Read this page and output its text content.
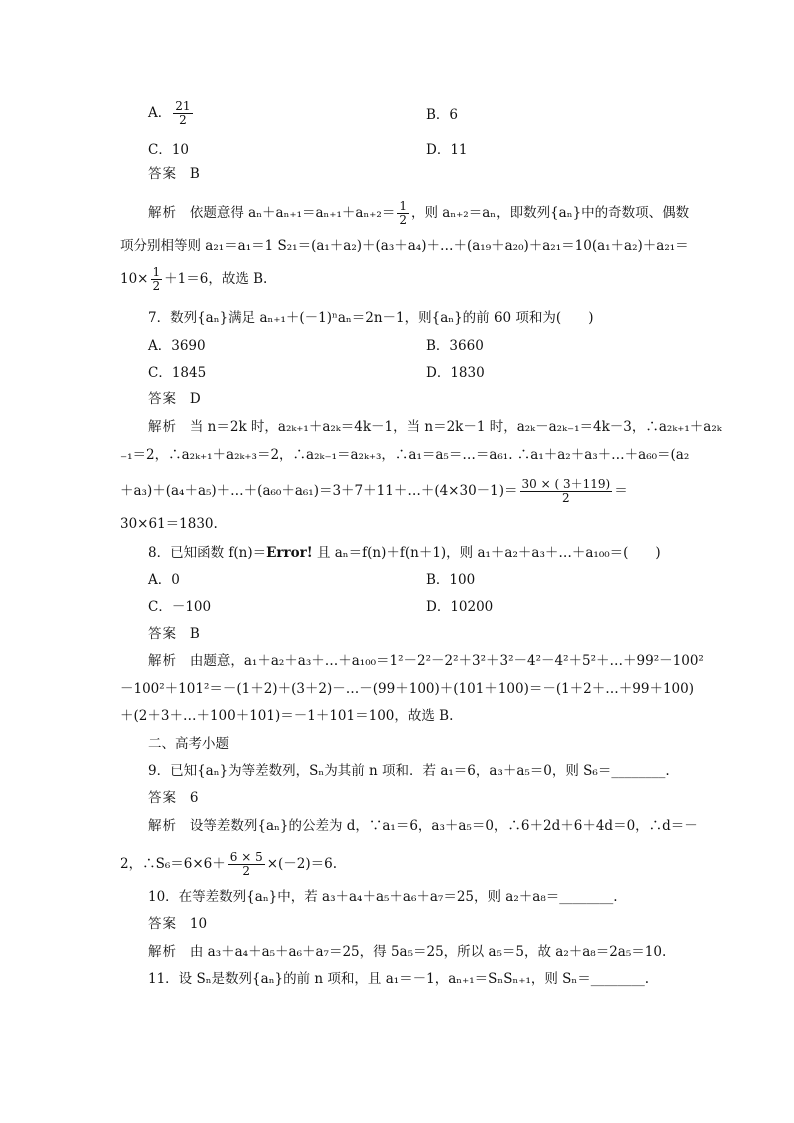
A． $\frac{21}{2}$	B．6
C．10	D．11
答案 B
解析 依题意得 $a_n+a_{n+1}=a_{n+1}+a_{n+2}= \frac{1}{2}$ ，则 aₙ₊₂＝aₙ，即数列{aₙ}中的奇数项、偶数
项分别相等则 a₂₁＝a₁＝1 S₂₁＝(a₁＋a₂)＋(a₃＋a₄)＋…＋(a₁₉＋a₂₀)＋a₂₁＝10(a₁＋a₂)＋a₂₁＝
$10\times \frac{1}{2} +1=6$，故选 B.
7．数列{aₙ}满足 aₙ₊₁＋(－1)ⁿaₙ＝2n－1，则{aₙ}的前 60 项和为(　　)
A．3690	B．3660
C．1845	D．1830
答案 D
解析 当 n＝2k 时，a₂ₖ₊₁＋a₂ₖ＝4k－1，当 n＝2k－1 时，a₂ₖ－a₂ₖ₋₁＝4k－3，∴a₂ₖ₊₁＋a₂ₖ
₋₁＝2，∴a₂ₖ₊₁＋a₂ₖ₊₃＝2，∴a₂ₖ₋₁＝a₂ₖ₊₃，∴a₁＝a₅＝…＝a₆₁. ∴a₁＋a₂＋a₃＋…＋a₆₀＝(a₂
＋a₃)＋(a₄＋a₅)＋…＋(a₆₀＋a₆₁)＝3＋7＋11＋…＋(4×30－1)＝ $\frac{30 \times ( 3+119)}{2}$ ＝
30×61＝1830.
8．已知函数 f(n)＝Error! 且 aₙ＝f(n)＋f(n＋1)，则 a₁＋a₂＋a₃＋…＋a₁₀₀＝(　　)
A．0	B．100
C．－100	D．10200
答案 B
解析 由题意，a₁＋a₂＋a₃＋…＋a₁₀₀＝1²－2²－2²＋3²＋3²－4²－4²＋5²＋…＋99²－100²
－100²＋101²＝－(1＋2)＋(3＋2)－…－(99＋100)＋(101＋100)＝－(1＋2＋…＋99＋100)
＋(2＋3＋…＋100＋101)＝－1＋101＝100，故选 B.
二、高考小题
9．已知{aₙ}为等差数列，Sₙ为其前 n 项和．若 a₁＝6，a₃＋a₅＝0，则 S₆＝________.
答案 6
解析 设等差数列{aₙ}的公差为 d，∵a₁＝6，a₃＋a₅＝0，∴6＋2d＋6＋4d＝0，∴d＝－
2，∴S₆＝6×6＋ $\frac{6 \times 5}{2} \times(-2)=6$.
10．在等差数列{aₙ}中，若 a₃＋a₄＋a₅＋a₆＋a₇＝25，则 a₂＋a₈＝________.
答案 10
解析 由 a₃＋a₄＋a₅＋a₆＋a₇＝25，得 5a₅＝25，所以 a₅＝5，故 a₂＋a₈＝2a₅＝10.
11．设 Sₙ是数列{aₙ}的前 n 项和，且 a₁＝－1，aₙ₊₁＝SₙSₙ₊₁，则 Sₙ＝________.
